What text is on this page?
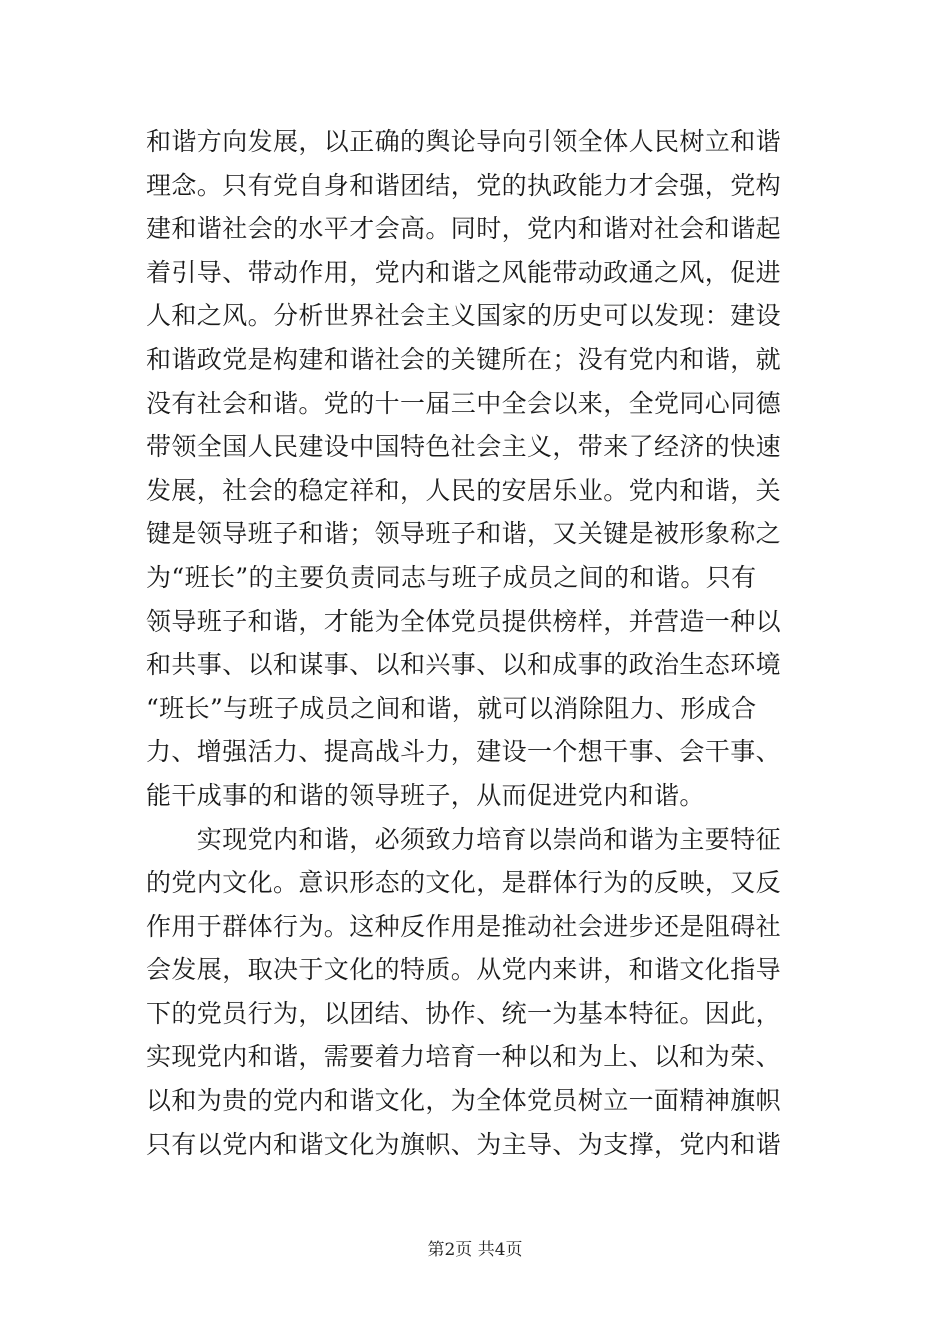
和谐方向发展，以正确的舆论导向引领全体人民树立和谐
理念。只有党自身和谐团结，党的执政能力才会强，党构
建和谐社会的水平才会高。同时，党内和谐对社会和谐起
着引导、带动作用，党内和谐之风能带动政通之风，促进
人和之风。分析世界社会主义国家的历史可以发现：建设
和谐政党是构建和谐社会的关键所在；没有党内和谐，就
没有社会和谐。党的十一届三中全会以来，全党同心同德
带领全国人民建设中国特色社会主义，带来了经济的快速
发展，社会的稳定祥和，人民的安居乐业。党内和谐，关
键是领导班子和谐；领导班子和谐，又关键是被形象称之
为“班长”的主要负责同志与班子成员之间的和谐。只有
领导班子和谐，才能为全体党员提供榜样，并营造一种以
和共事、以和谋事、以和兴事、以和成事的政治生态环境
“班长”与班子成员之间和谐，就可以消除阻力、形成合
力、增强活力、提高战斗力，建设一个想干事、会干事、
能干成事的和谐的领导班子，从而促进党内和谐。
　　实现党内和谐，必须致力培育以崇尚和谐为主要特征
的党内文化。意识形态的文化，是群体行为的反映，又反
作用于群体行为。这种反作用是推动社会进步还是阻碍社
会发展，取决于文化的特质。从党内来讲，和谐文化指导
下的党员行为，以团结、协作、统一为基本特征。因此，
实现党内和谐，需要着力培育一种以和为上、以和为荣、
以和为贵的党内和谐文化，为全体党员树立一面精神旗帜
只有以党内和谐文化为旗帜、为主导、为支撑，党内和谐
第2页 共4页
